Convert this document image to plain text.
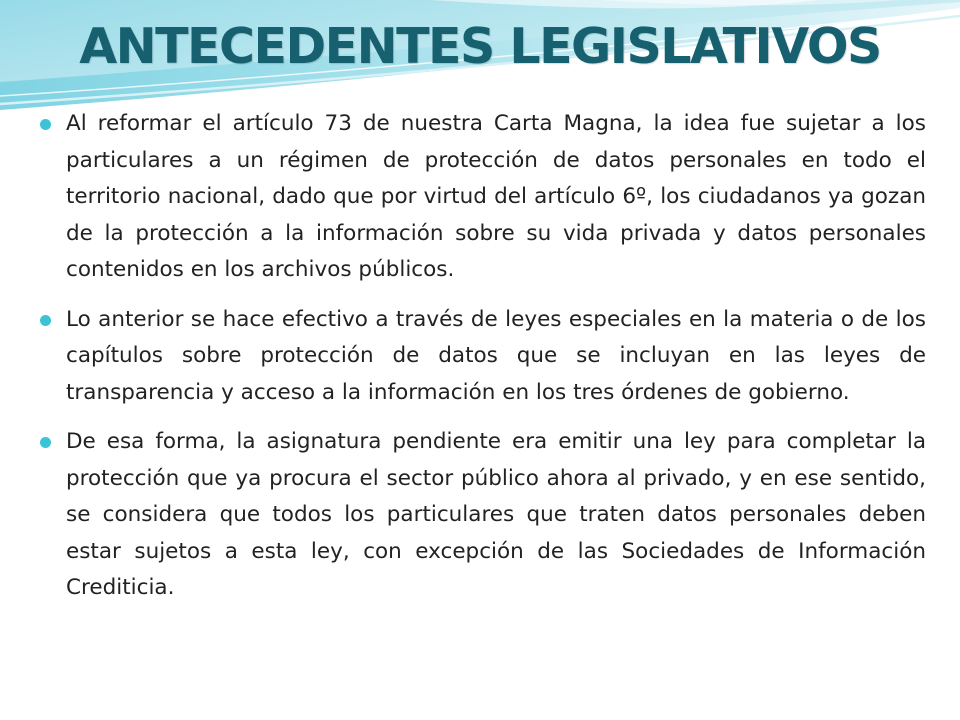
ANTECEDENTES LEGISLATIVOS
Al reformar el artículo 73 de nuestra Carta Magna, la idea fue sujetar a los particulares a un régimen de protección de datos personales en todo el territorio nacional, dado que por virtud del artículo 6º, los ciudadanos ya gozan de la protección a la información sobre su vida privada y datos personales contenidos en los archivos públicos.
Lo anterior se hace efectivo a través de leyes especiales en la materia o de los capítulos sobre protección de datos que se incluyan en las leyes de transparencia y acceso a la información en los tres órdenes de gobierno.
De esa forma, la asignatura pendiente era emitir una ley para completar la protección que ya procura el sector público ahora al privado, y en ese sentido, se considera que todos los particulares que traten datos personales deben estar sujetos a esta ley, con excepción de las Sociedades de Información Crediticia.
